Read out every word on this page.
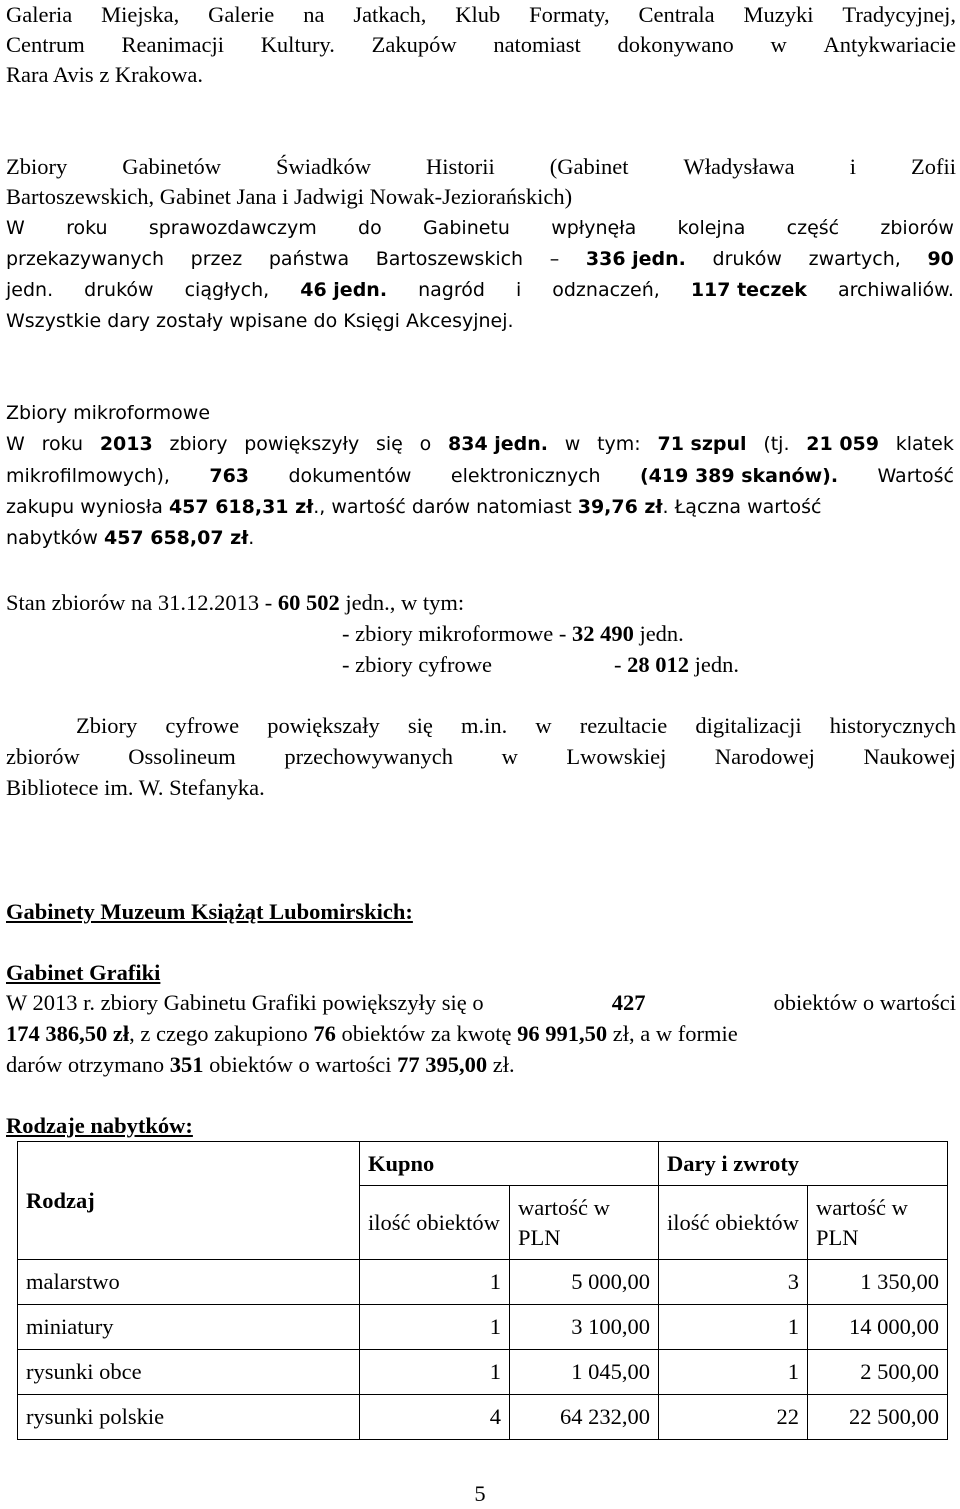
Galeria Miejska, Galerie na Jatkach, Klub Formaty, Centrala Muzyki Tradycyjnej,
Centrum Reanimacji Kultury. Zakupów natomiast dokonywano w Antykwariacie
Rara Avis z Krakowa.
Zbiory Gabinetów Świadków Historii (Gabinet Władysława i Zofii
Bartoszewskich, Gabinet Jana i Jadwigi Nowak-Jeziorańskich)
W roku sprawozdawczym do Gabinetu wpłynęła kolejna część zbiorów
przekazywanych przez państwa Bartoszewskich – 336 jedn. druków zwartych, 90
jedn. druków ciągłych, 46 jedn. nagród i odznaczeń, 117 teczek archiwaliów.
Wszystkie dary zostały wpisane do Księgi Akcesyjnej.
Zbiory mikroformowe
W roku 2013 zbiory powiększyły się o 834 jedn. w tym: 71 szpul (tj. 21 059 klatek
mikrofilmowych), 763 dokumentów elektronicznych (419 389 skanów). Wartość
zakupu wyniosła 457 618,31 zł., wartość darów natomiast 39,76 zł. Łączna wartość
nabytków 457 658,07 zł.
Stan zbiorów na 31.12.2013 - 60 502 jedn., w tym:
- zbiory mikroformowe - 32 490 jedn.
- zbiory cyfrowe	- 28 012 jedn.
Zbiory cyfrowe powiększały się m.in. w rezultacie digitalizacji historycznych
zbiorów Ossolineum przechowywanych w Lwowskiej Narodowej Naukowej
Bibliotece im. W. Stefanyka.
Gabinety Muzeum Książąt Lubomirskich:
Gabinet Grafiki
W 2013 r. zbiory Gabinetu Grafiki powiększyły się o	427	obiektów o wartości
174 386,50 zł, z czego zakupiono 76 obiektów za kwotę 96 991,50 zł, a w formie
darów otrzymano 351 obiektów o wartości 77 395,00 zł.
Rodzaje nabytków:
Rodzaj	Kupno		Dary i zwroty	
	ilość obiektów	wartość w PLN	ilość obiektów	wartość w PLN
malarstwo	1	5 000,00	3	1 350,00
miniatury	1	3 100,00	1	14 000,00
rysunki obce	1	1 045,00	1	2 500,00
rysunki polskie	4	64 232,00	22	22 500,00
5
